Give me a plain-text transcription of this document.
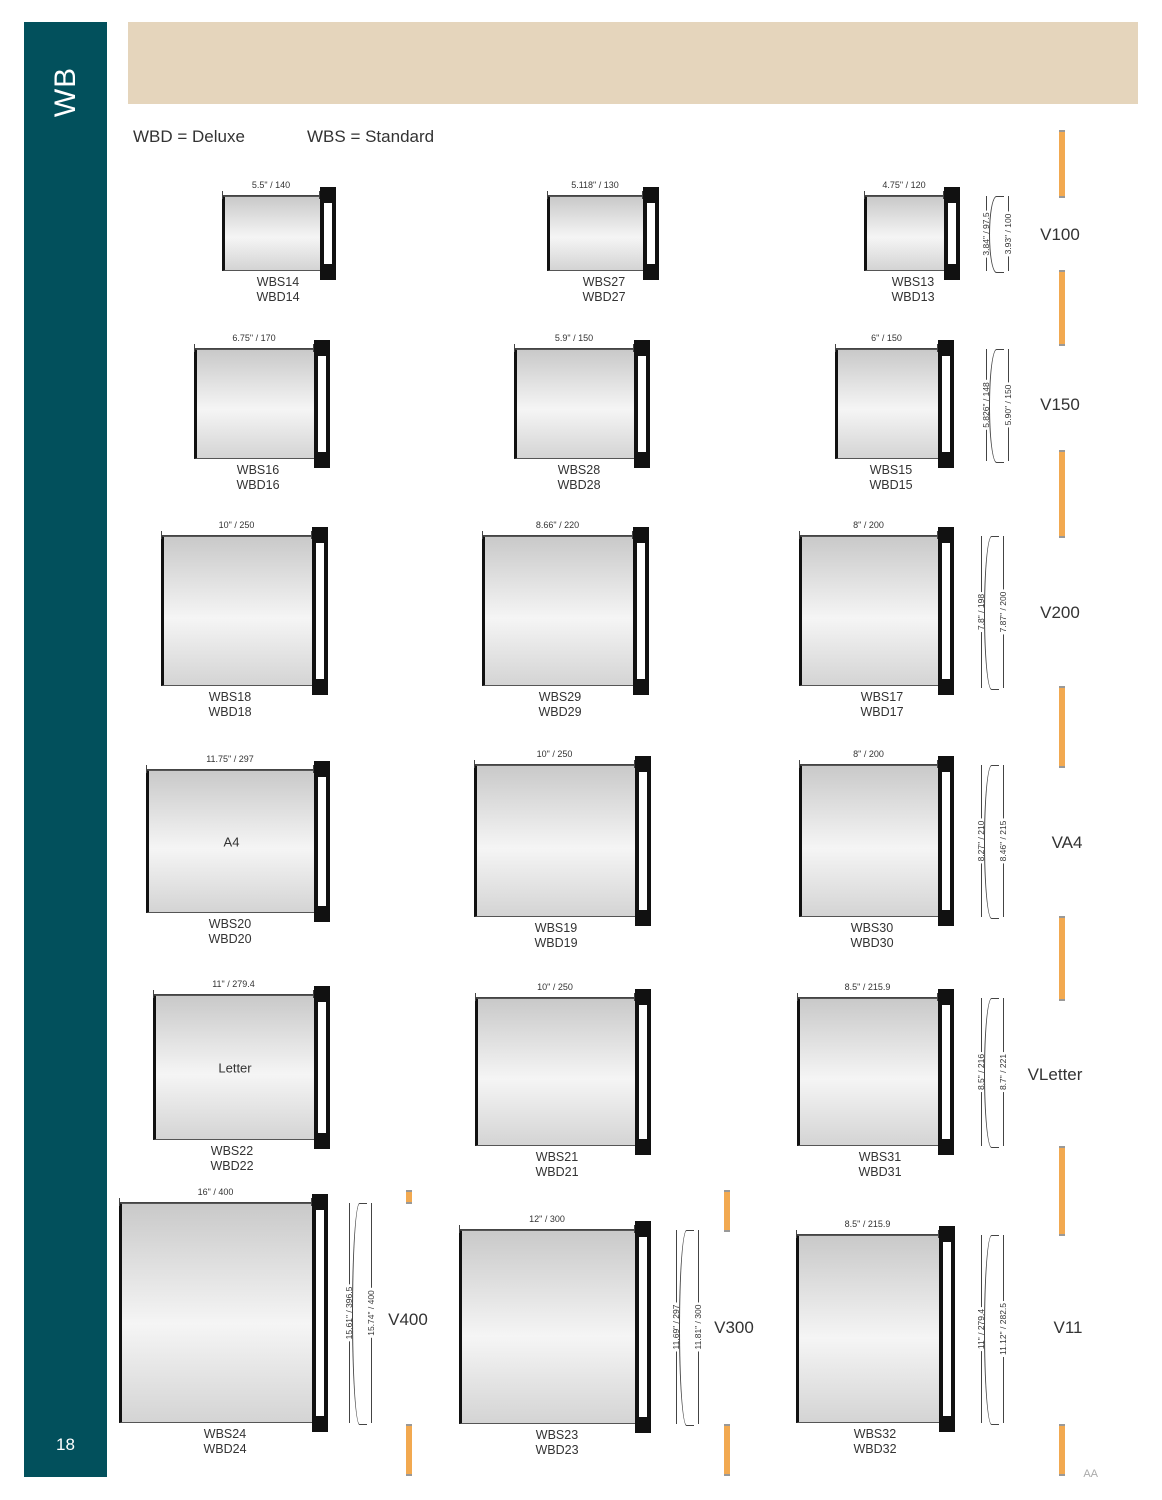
WB
18
WBD = Deluxe	WBS = Standard
5.5" / 140
WBS14
WBD14
5.118" / 130
WBS27
WBD27
4.75" / 120
WBS13
WBD13
6.75" / 170
WBS16
WBD16
5.9" / 150
WBS28
WBD28
6" / 150
WBS15
WBD15
10" / 250
WBS18
WBD18
8.66" / 220
WBS29
WBD29
8" / 200
WBS17
WBD17
A4
11.75" / 297
WBS20
WBD20
10" / 250
WBS19
WBD19
8" / 200
WBS30
WBD30
Letter
11" / 279.4
WBS22
WBD22
10" / 250
WBS21
WBD21
8.5" / 215.9
WBS31
WBD31
16" / 400
WBS24
WBD24
12" / 300
WBS23
WBD23
8.5" / 215.9
WBS32
WBD32
3.84" / 97.5 3.93" / 100
5.826" / 148 5.90" / 150
7.8" / 198 7.87" / 200
8.27" / 210 8.46" / 215
8.5" / 216 8.7" / 221
11" / 279.4 11.12" / 282.5
15.61" / 396.5 15.74" / 400	11.69" / 297 11.81" / 300
V100
V150
V200
VA4
VLetter
V400	V300	V11
AA
